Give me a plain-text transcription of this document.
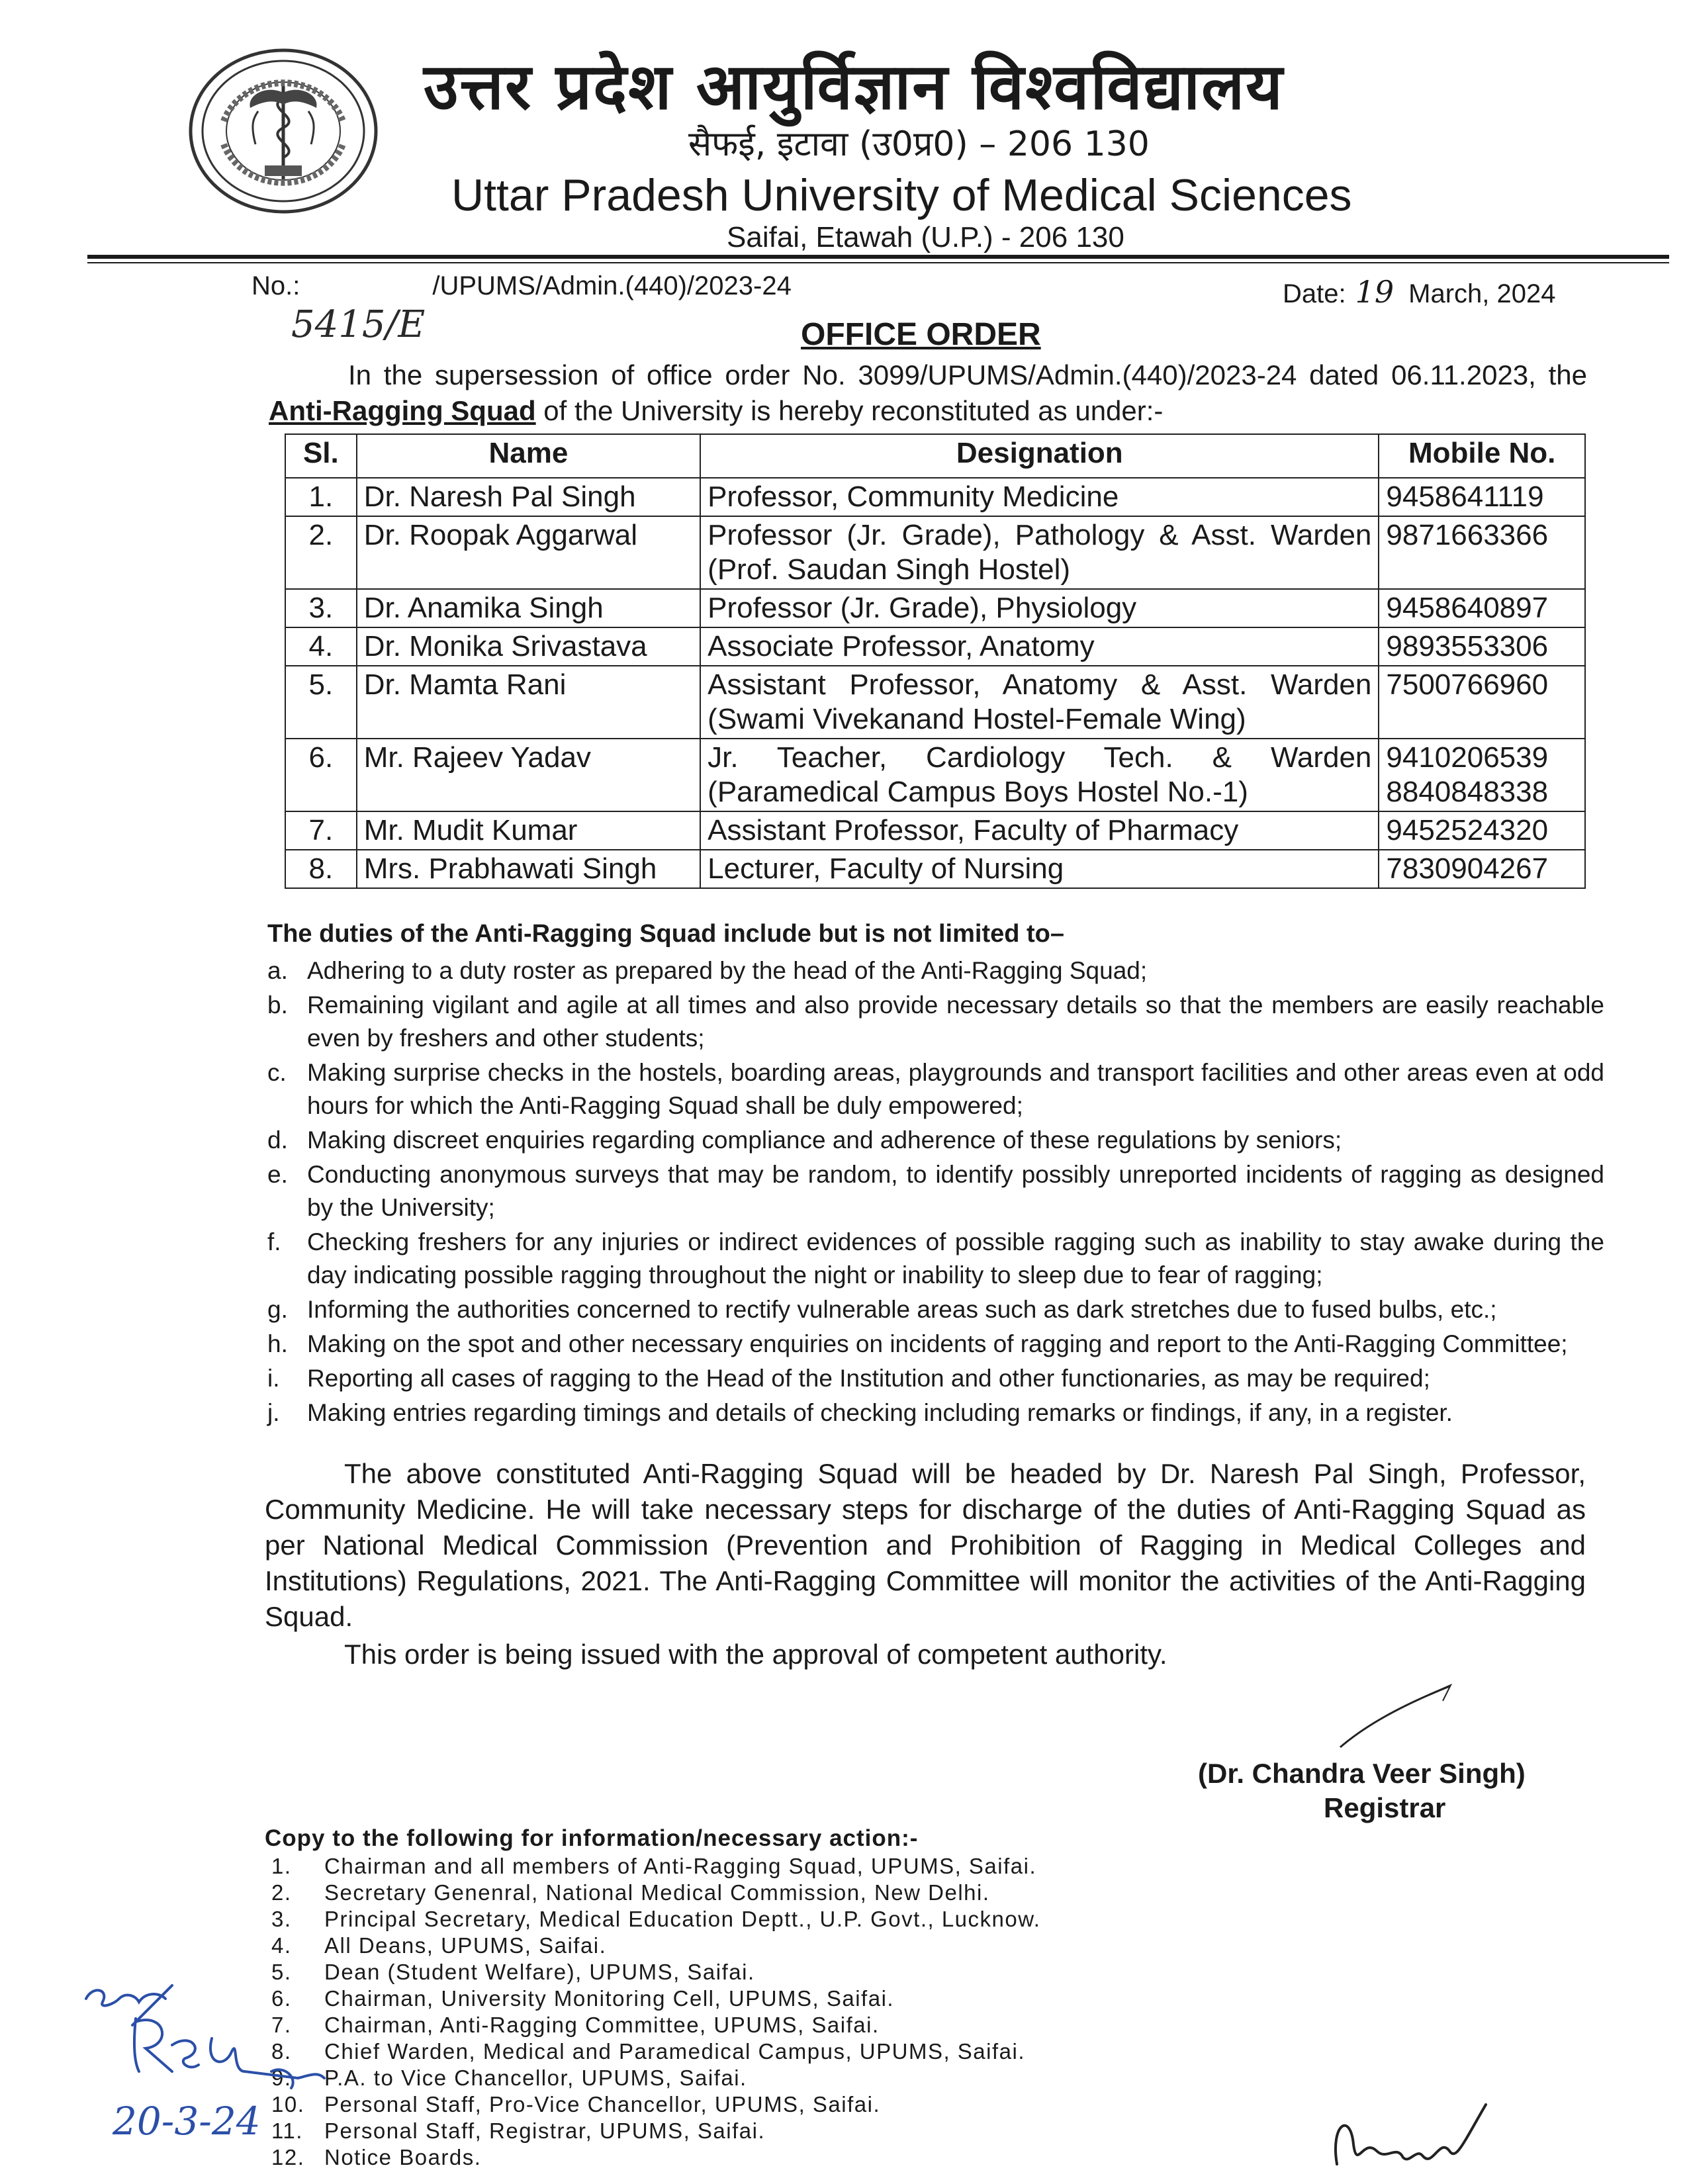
उत्तर प्रदेश आयुर्विज्ञान विश्वविद्यालय
सैफई, इटावा (उ0प्र0) – 206 130
Uttar Pradesh University of Medical Sciences
Saifai, Etawah (U.P.) - 206 130
No.:	/UPUMS/Admin.(440)/2023-24
5415/E
Date: 19 March, 2024
OFFICE ORDER
In the supersession of office order No. 3099/UPUMS/Admin.(440)/2023-24 dated 06.11.2023, the Anti-Ragging Squad of the University is hereby reconstituted as under:-
Sl.	Name	Designation	Mobile No.
1.	Dr. Naresh Pal Singh	Professor, Community Medicine	9458641119
2.	Dr. Roopak Aggarwal	Professor (Jr. Grade), Pathology & Asst. Warden (Prof. Saudan Singh Hostel)	9871663366
3.	Dr. Anamika Singh	Professor (Jr. Grade), Physiology	9458640897
4.	Dr. Monika Srivastava	Associate Professor, Anatomy	9893553306
5.	Dr. Mamta Rani	Assistant Professor, Anatomy & Asst. Warden (Swami Vivekanand Hostel-Female Wing)	7500766960
6.	Mr. Rajeev Yadav	Jr. Teacher, Cardiology Tech. & Warden (Paramedical Campus Boys Hostel No.-1)	9410206539
8840848338

7.	Mr. Mudit Kumar	Assistant Professor, Faculty of Pharmacy	9452524320
8.	Mrs. Prabhawati Singh	Lecturer, Faculty of Nursing	7830904267
The duties of the Anti-Ragging Squad include but is not limited to–
a. Adhering to a duty roster as prepared by the head of the Anti-Ragging Squad;
b. Remaining vigilant and agile at all times and also provide necessary details so that the members are easily reachable even by freshers and other students;
c. Making surprise checks in the hostels, boarding areas, playgrounds and transport facilities and other areas even at odd hours for which the Anti-Ragging Squad shall be duly empowered;
d. Making discreet enquiries regarding compliance and adherence of these regulations by seniors;
e. Conducting anonymous surveys that may be random, to identify possibly unreported incidents of ragging as designed by the University;
f.	Checking freshers for any injuries or indirect evidences of possible ragging such as inability to stay awake during the day indicating possible ragging throughout the night or inability to sleep due to fear of ragging;
g. Informing the authorities concerned to rectify vulnerable areas such as dark stretches due to fused bulbs, etc.;
h. Making on the spot and other necessary enquiries on incidents of ragging and report to the Anti-Ragging Committee;
i.	Reporting all cases of ragging to the Head of the Institution and other functionaries, as may be required;
j.	Making entries regarding timings and details of checking including remarks or findings, if any, in a register.
The above constituted Anti-Ragging Squad will be headed by Dr. Naresh Pal Singh, Professor, Community Medicine. He will take necessary steps for discharge of the duties of Anti-Ragging Squad as per National Medical Commission (Prevention and Prohibition of Ragging in Medical Colleges and Institutions) Regulations, 2021. The Anti-Ragging Committee will monitor the activities of the Anti-Ragging Squad.
This order is being issued with the approval of competent authority.
(Dr. Chandra Veer Singh)
Registrar
Copy to the following for information/necessary action:-
1. Chairman and all members of Anti-Ragging Squad, UPUMS, Saifai.
2. Secretary Genenral, National Medical Commission, New Delhi.
3. Principal Secretary, Medical Education Deptt., U.P. Govt., Lucknow.
4. All Deans, UPUMS, Saifai.
5. Dean (Student Welfare), UPUMS, Saifai.
6. Chairman, University Monitoring Cell, UPUMS, Saifai.
7. Chairman, Anti-Ragging Committee, UPUMS, Saifai.
8. Chief Warden, Medical and Paramedical Campus, UPUMS, Saifai.
9. P.A. to Vice Chancellor, UPUMS, Saifai.
10. Personal Staff, Pro-Vice Chancellor, UPUMS, Saifai.
11. Personal Staff, Registrar, UPUMS, Saifai.
12. Notice Boards.
20-3-24
